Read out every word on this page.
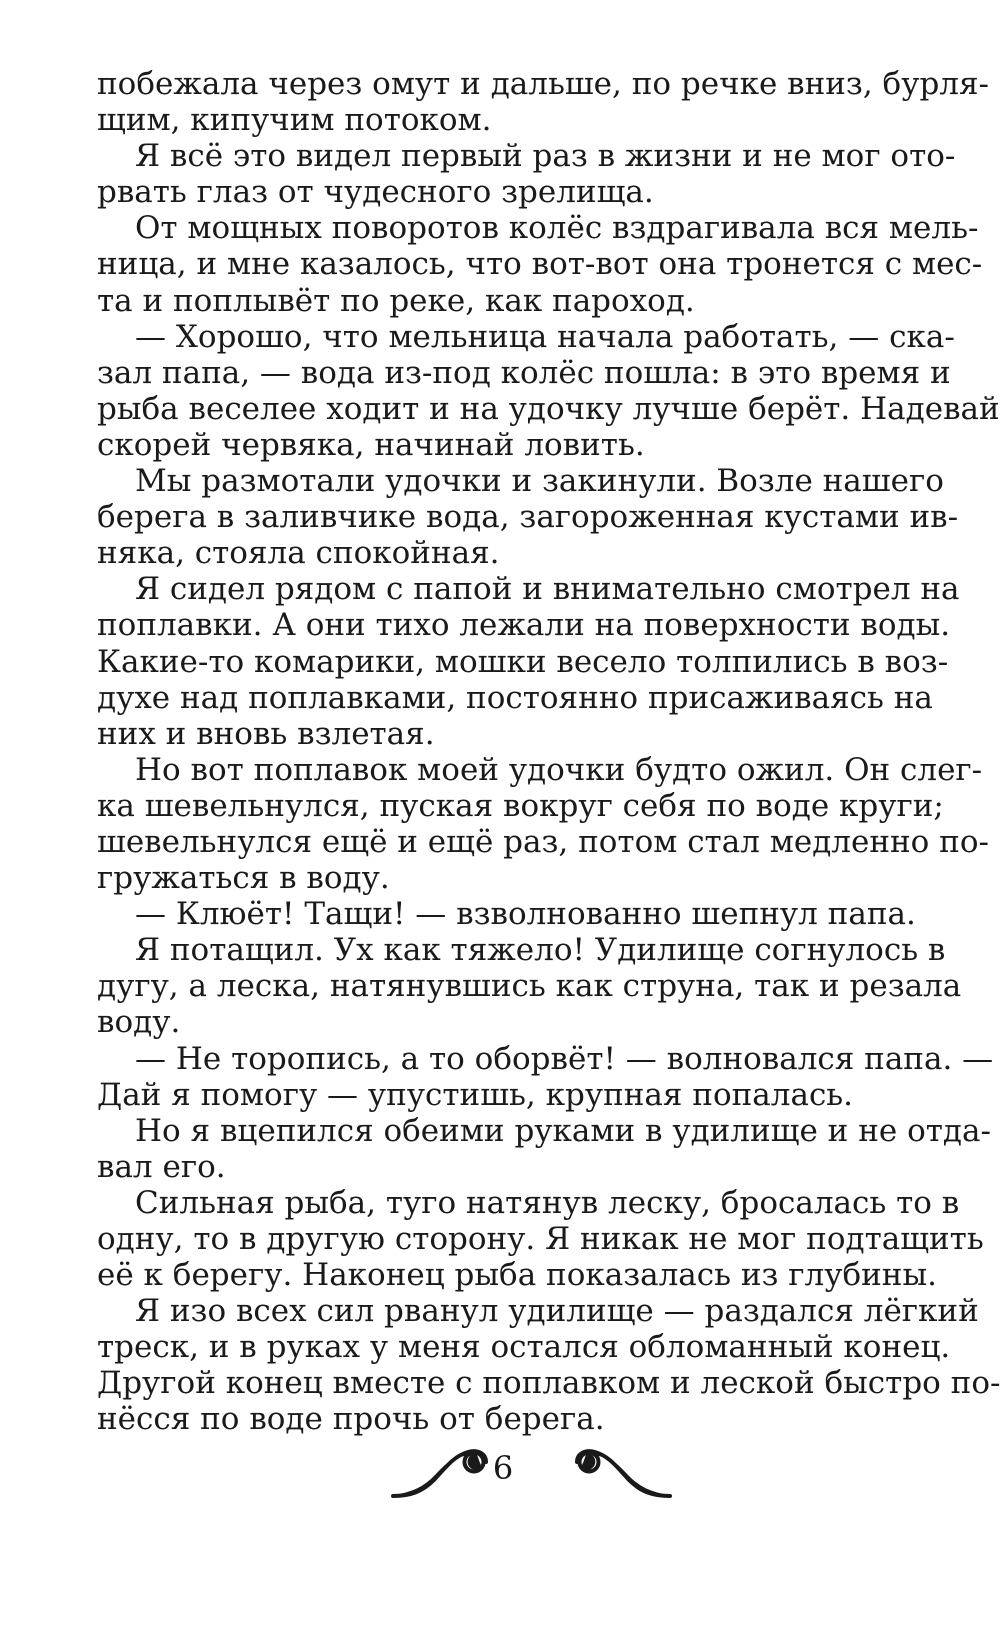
побежала через омут и дальше, по речке вниз, бурля-
щим, кипучим потоком.
Я всё это видел первый раз в жизни и не мог ото-
рвать глаз от чудесного зрелища.
От мощных поворотов колёс вздрагивала вся мель-
ница, и мне казалось, что вот-вот она тронется с мес-
та и поплывёт по реке, как пароход.
— Хорошо, что мельница начала работать, — ска-
зал папа, — вода из-под колёс пошла: в это время и
рыба веселее ходит и на удочку лучше берёт. Надевай
скорей червяка, начинай ловить.
Мы размотали удочки и закинули. Возле нашего
берега в заливчике вода, загороженная кустами ив-
няка, стояла спокойная.
Я сидел рядом с папой и внимательно смотрел на
поплавки. А они тихо лежали на поверхности воды.
Какие-то комарики, мошки весело толпились в воз-
духе над поплавками, постоянно присаживаясь на
них и вновь взлетая.
Но вот поплавок моей удочки будто ожил. Он слег-
ка шевельнулся, пуская вокруг себя по воде круги;
шевельнулся ещё и ещё раз, потом стал медленно по-
гружаться в воду.
— Клюёт! Тащи! — взволнованно шепнул папа.
Я потащил. Ух как тяжело! Удилище согнулось в
дугу, а леска, натянувшись как струна, так и резала
воду.
— Не торопись, а то оборвёт! — волновался папа. —
Дай я помогу — упустишь, крупная попалась.
Но я вцепился обеими руками в удилище и не отда-
вал его.
Сильная рыба, туго натянув леску, бросалась то в
одну, то в другую сторону. Я никак не мог подтащить
её к берегу. Наконец рыба показалась из глубины.
Я изо всех сил рванул удилище — раздался лёгкий
треск, и в руках у меня остался обломанный конец.
Другой конец вместе с поплавком и леской быстро по-
нёсся по воде прочь от берега.
6
